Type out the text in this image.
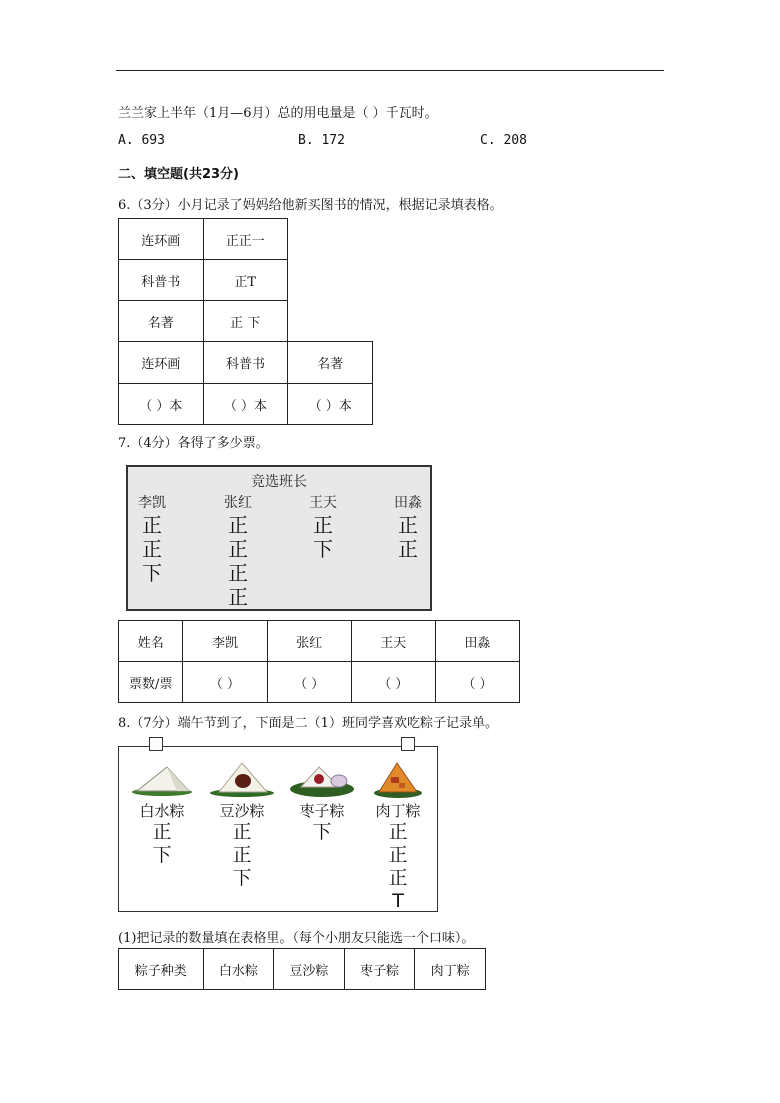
兰兰家上半年（1月—6月）总的用电量是（ ）千瓦时。
A. 693	B. 172	C. 208
二、填空题(共23分)
6.（3分）小月记录了妈妈给他新买图书的情况，根据记录填表格。
连环画	正正一
科普书	正T
名著	正 下
连环画	科普书	名著
（ ）本	（ ）本	（ ）本
7.（4分）各得了多少票。
竞选班长
李凯
正
正
下
张红
正
正
正
正
王天
正
下
田淼
正
正
姓名	李凯	张红	王天	田淼
票数/票	（ ）	（ ）	（ ）	（ ）
8.（7分）端午节到了，下面是二（1）班同学喜欢吃粽子记录单。
白水粽
正
下
豆沙粽
正
正
下
枣子粽
下
肉丁粽
正
正
正
T
(1)把记录的数量填在表格里。（每个小朋友只能选一个口味）。
粽子种类	白水粽	豆沙粽	枣子粽	肉丁粽
